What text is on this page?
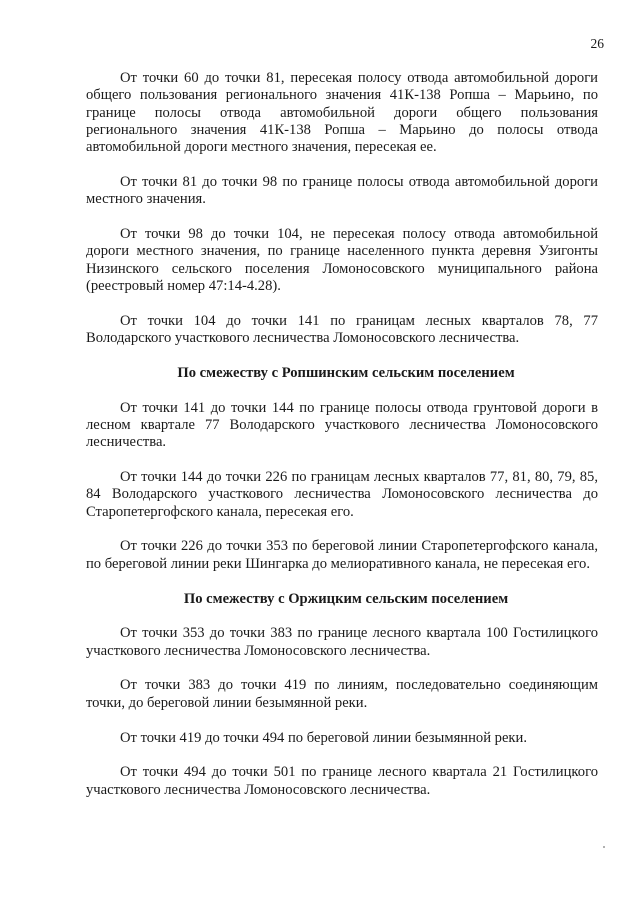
26

От точки 60 до точки 81, пересекая полосу отвода автомобильной дороги общего пользования регионального значения 41К-138 Ропша – Марьино, по границе полосы отвода автомобильной дороги общего пользования регионального значения 41К-138 Ропша – Марьино до полосы отвода автомобильной дороги местного значения, пересекая ее.

От точки 81 до точки 98 по границе полосы отвода автомобильной дороги местного значения.

От точки 98 до точки 104, не пересекая полосу отвода автомобильной дороги местного значения, по границе населенного пункта деревня Узигонты Низинского сельского поселения Ломоносовского муниципального района (реестровый номер 47:14-4.28).

От точки 104 до точки 141 по границам лесных кварталов 78, 77 Володарского участкового лесничества Ломоносовского лесничества.

По смежеству с Ропшинским сельским поселением

От точки 141 до точки 144 по границе полосы отвода грунтовой дороги в лесном квартале 77 Володарского участкового лесничества Ломоносовского лесничества.

От точки 144 до точки 226 по границам лесных кварталов 77, 81, 80, 79, 85, 84 Володарского участкового лесничества Ломоносовского лесничества до Старопетергофского канала, пересекая его.

От точки 226 до точки 353 по береговой линии Старопетергофского канала, по береговой линии реки Шингарка до мелиоративного канала, не пересекая его.

По смежеству с Оржицким сельским поселением

От точки 353 до точки 383 по границе лесного квартала 100 Гостилицкого участкового лесничества Ломоносовского лесничества.

От точки 383 до точки 419 по линиям, последовательно соединяющим точки, до береговой линии безымянной реки.

От точки 419 до точки 494 по береговой линии безымянной реки.

От точки 494 до точки 501 по границе лесного квартала 21 Гостилицкого участкового лесничества Ломоносовского лесничества.
